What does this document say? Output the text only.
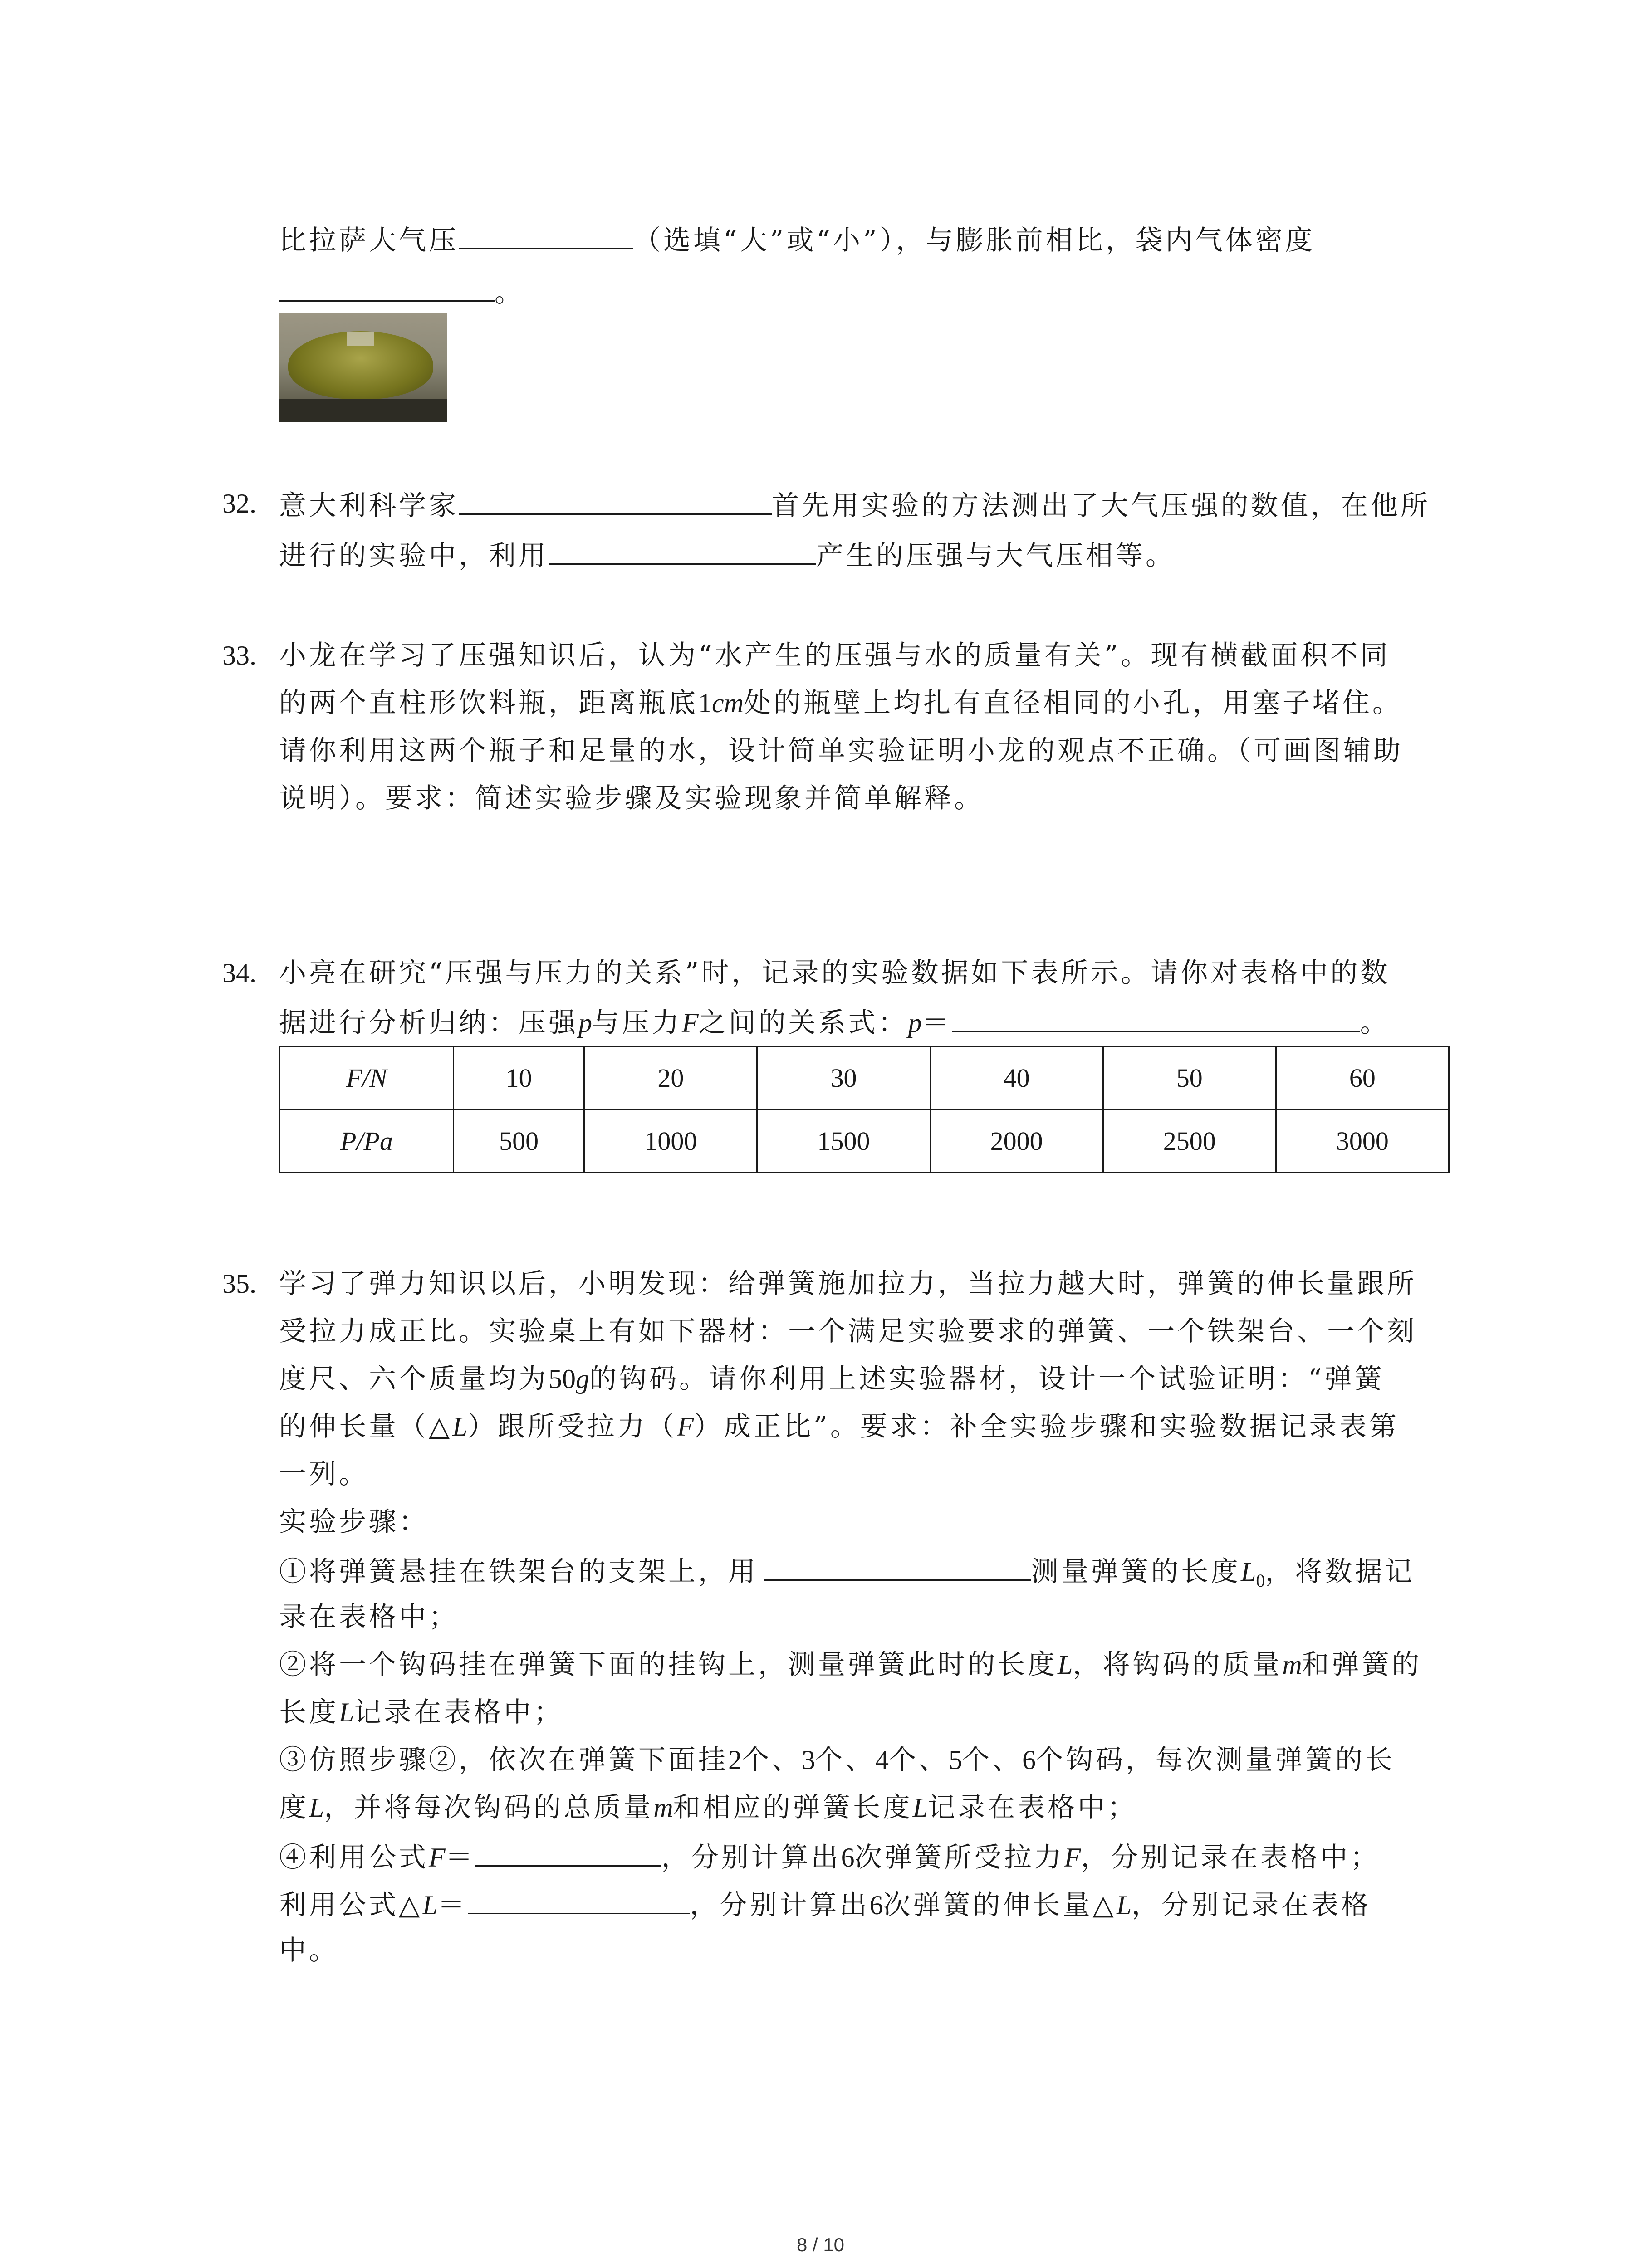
比拉萨大气压	（选填“大”或“小”），与膨胀前相比，袋内气体密度
。
32. 意大利科学家	首先用实验的方法测出了大气压强的数值，在他所
进行的实验中，利用	产生的压强与大气压相等。
33. 小龙在学习了压强知识后，认为“水产生的压强与水的质量有关”。现有横截面积不同
的两个直柱形饮料瓶，距离瓶底1cm处的瓶壁上均扎有直径相同的小孔，用塞子堵住。
请你利用这两个瓶子和足量的水，设计简单实验证明小龙的观点不正确。（可画图辅助
说明）。要求：简述实验步骤及实验现象并简单解释。
34. 小亮在研究“压强与压力的关系”时，记录的实验数据如下表所示。请你对表格中的数
据进行分析归纳：压强p与压力F之间的关系式：p＝	。
F/N	10	20	30	40	50	60
P/Pa	500	1000	1500	2000	2500	3000
35. 学习了弹力知识以后，小明发现：给弹簧施加拉力，当拉力越大时，弹簧的伸长量跟所
受拉力成正比。实验桌上有如下器材：一个满足实验要求的弹簧、一个铁架台、一个刻
度尺、六个质量均为50g的钩码。请你利用上述实验器材，设计一个试验证明：“弹簧
的伸长量（△L）跟所受拉力（F）成正比”。要求：补全实验步骤和实验数据记录表第
一列。
实验步骤：
①将弹簧悬挂在铁架台的支架上，用	测量弹簧的长度$L_0$，将数据记
录在表格中；
②将一个钩码挂在弹簧下面的挂钩上，测量弹簧此时的长度L，将钩码的质量m和弹簧的
长度L记录在表格中；
③仿照步骤②，依次在弹簧下面挂2个、3个、4个、5个、6个钩码，每次测量弹簧的长
度L，并将每次钩码的总质量m和相应的弹簧长度L记录在表格中；
④利用公式F＝	，分别计算出6次弹簧所受拉力F，分别记录在表格中；
利用公式△L＝	，分别计算出6次弹簧的伸长量△L，分别记录在表格
中。
8 / 10
